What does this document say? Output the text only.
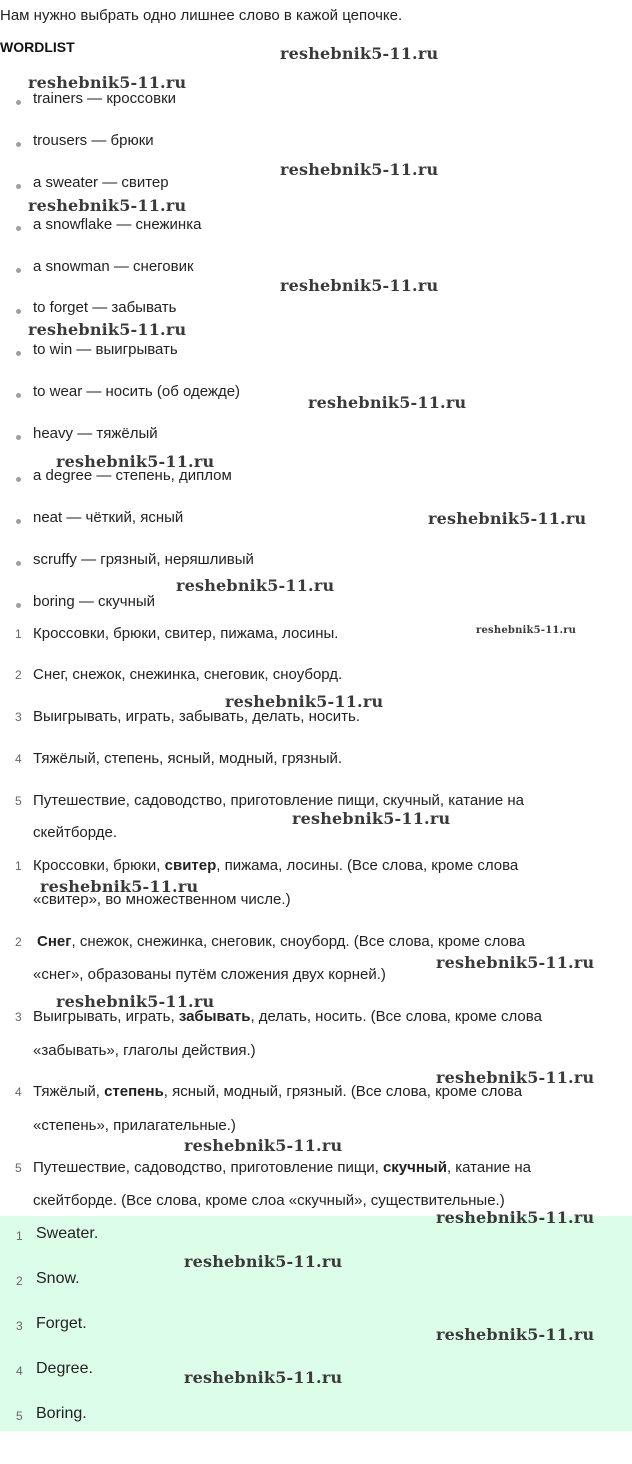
Нам нужно выбрать одно лишнее слово в кажой цепочке.
WORDLIST
trainers — кроссовки
trousers — брюки
a sweater — свитер
a snowflake — снежинка
a snowman — снеговик
to forget — забывать
to win — выигрывать
to wear — носить (об одежде)
heavy — тяжёлый
a degree — степень, диплом
neat — чёткий, ясный
scruffy — грязный, неряшливый
boring — скучный
1 Кроссовки, брюки, свитер, пижама, лосины.
2 Снег, снежок, снежинка, снеговик, сноуборд.
3 Выигрывать, играть, забывать, делать, носить.
4 Тяжёлый, степень, ясный, модный, грязный.
5 Путешествие, садоводство, приготовление пищи, скучный, катание на
скейтборде.
1 Кроссовки, брюки, свитер, пижама, лосины. (Все слова, кроме слова
«свитер», во множественном числе.)
2 Снег, снежок, снежинка, снеговик, сноуборд. (Все слова, кроме слова
«снег», образованы путём сложения двух корней.)
3 Выигрывать, играть, забывать, делать, носить. (Все слова, кроме слова
«забывать», глаголы действия.)
4 Тяжёлый, степень, ясный, модный, грязный. (Все слова, кроме слова
«степень», прилагательные.)
5 Путешествие, садоводство, приготовление пищи, скучный, катание на
скейтборде. (Все слова, кроме слоа «скучный», существительные.)
1 Sweater.
2 Snow.
3 Forget.
4 Degree.
5 Boring.
reshebnik5-11.ru
reshebnik5-11.ru
reshebnik5-11.ru
reshebnik5-11.ru
reshebnik5-11.ru
reshebnik5-11.ru
reshebnik5-11.ru
reshebnik5-11.ru
reshebnik5-11.ru
reshebnik5-11.ru
reshebnik5-11.ru
reshebnik5-11.ru
reshebnik5-11.ru
reshebnik5-11.ru
reshebnik5-11.ru
reshebnik5-11.ru
reshebnik5-11.ru
reshebnik5-11.ru
reshebnik5-11.ru
reshebnik5-11.ru
reshebnik5-11.ru
reshebnik5-11.ru
